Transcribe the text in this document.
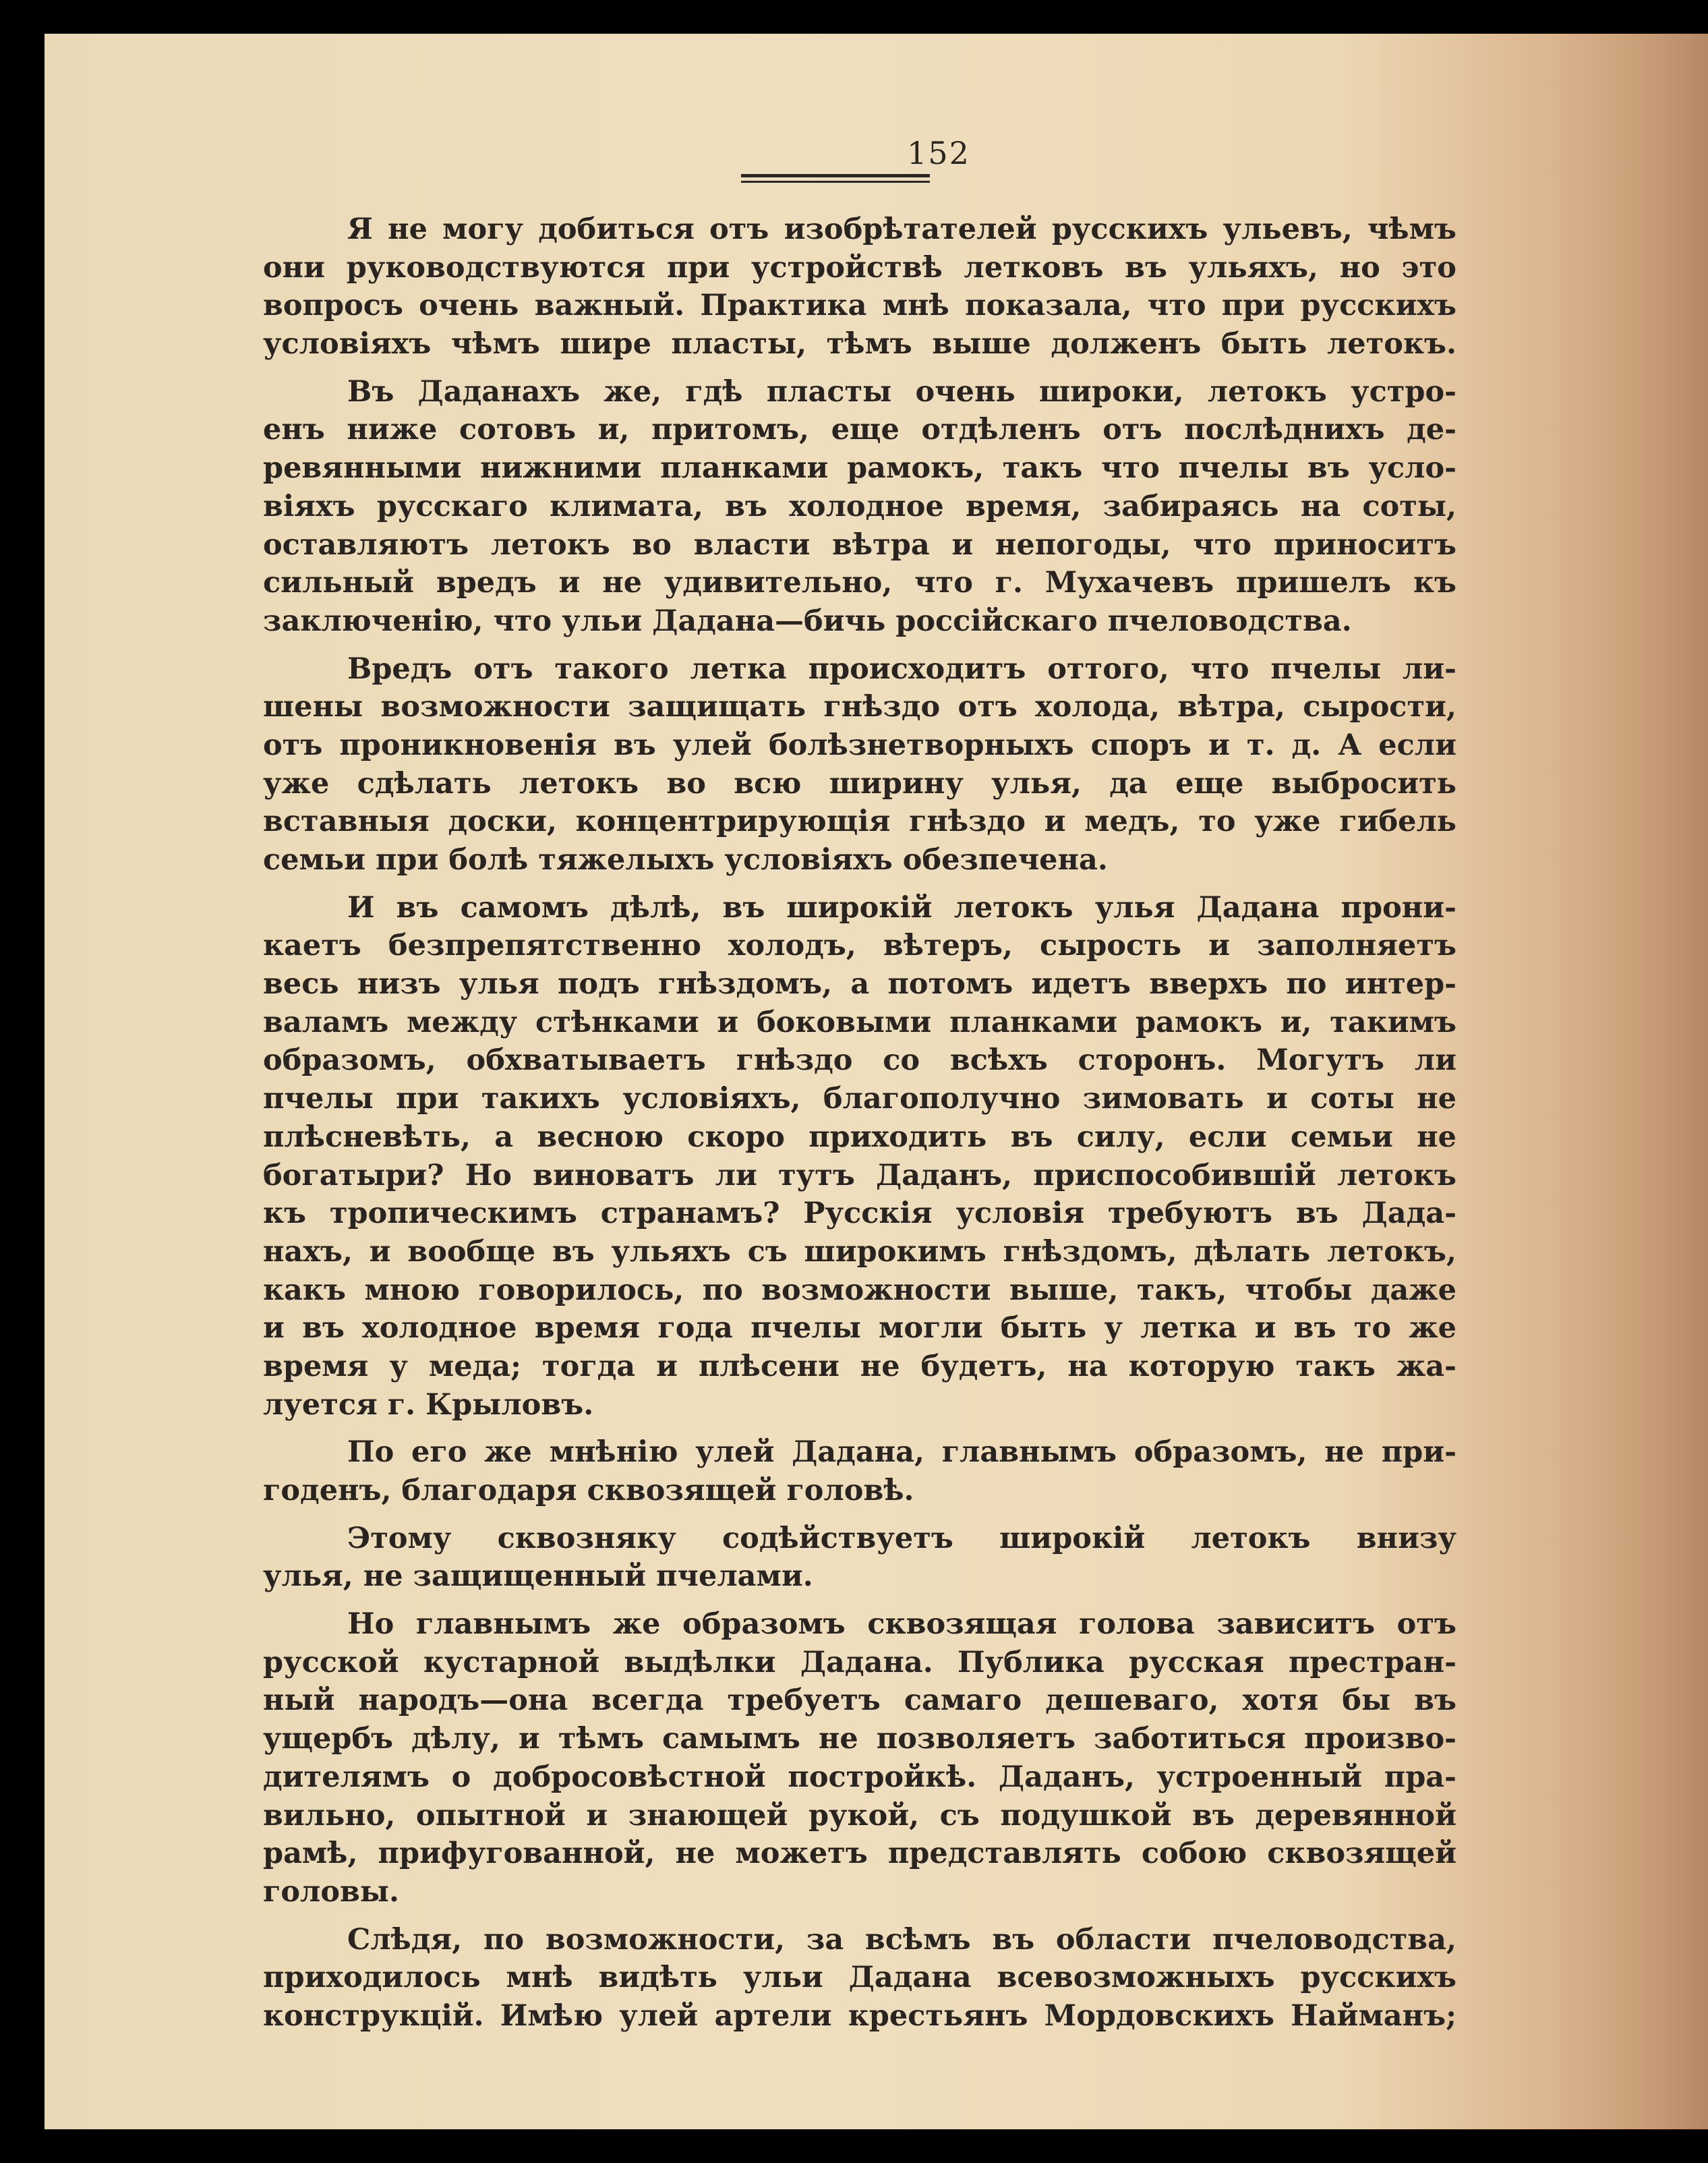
152
Я не могу добиться отъ изобрѣтателей русскихъ ульевъ, чѣмъ
они руководствуются при устройствѣ летковъ въ ульяхъ, но это
вопросъ очень важный. Практика мнѣ показала, что при русскихъ
условіяхъ чѣмъ шире пласты, тѣмъ выше долженъ быть летокъ.
Въ Даданахъ же, гдѣ пласты очень широки, летокъ устро-
енъ ниже сотовъ и, притомъ, еще отдѣленъ отъ послѣднихъ де-
ревянными нижними планками рамокъ, такъ что пчелы въ усло-
віяхъ русскаго климата, въ холодное время, забираясь на соты,
оставляютъ летокъ во власти вѣтра и непогоды, что приноситъ
сильный вредъ и не удивительно, что г. Мухачевъ пришелъ къ
заключенію, что ульи Дадана—бичь россійскаго пчеловодства.
Вредъ отъ такого летка происходитъ оттого, что пчелы ли-
шены возможности защищать гнѣздо отъ холода, вѣтра, сырости,
отъ проникновенія въ улей болѣзнетворныхъ споръ и т. д. А если
уже сдѣлать летокъ во всю ширину улья, да еще выбросить
вставныя доски, концентрирующія гнѣздо и медъ, то уже гибель
семьи при болѣ тяжелыхъ условіяхъ обезпечена.
И въ самомъ дѣлѣ, въ широкій летокъ улья Дадана прони-
каетъ безпрепятственно холодъ, вѣтеръ, сырость и заполняетъ
весь низъ улья подъ гнѣздомъ, а потомъ идетъ вверхъ по интер-
валамъ между стѣнками и боковыми планками рамокъ и, такимъ
образомъ, обхватываетъ гнѣздо со всѣхъ сторонъ. Могутъ ли
пчелы при такихъ условіяхъ, благополучно зимовать и соты не
плѣсневѣть, а весною скоро приходить въ силу, если семьи не
богатыри? Но виноватъ ли тутъ Даданъ, приспособившій летокъ
къ тропическимъ странамъ? Русскія условія требуютъ въ Дада-
нахъ, и вообще въ ульяхъ съ широкимъ гнѣздомъ, дѣлать летокъ,
какъ мною говорилось, по возможности выше, такъ, чтобы даже
и въ холодное время года пчелы могли быть у летка и въ то же
время у меда; тогда и плѣсени не будетъ, на которую такъ жа-
луется г. Крыловъ.
По его же мнѣнію улей Дадана, главнымъ образомъ, не при-
годенъ, благодаря сквозящей головѣ.
Этому сквозняку содѣйствуетъ широкій летокъ внизу
улья, не защищенный пчелами.
Но главнымъ же образомъ сквозящая голова зависитъ отъ
русской кустарной выдѣлки Дадана. Публика русская престран-
ный народъ—она всегда требуетъ самаго дешеваго, хотя бы въ
ущербъ дѣлу, и тѣмъ самымъ не позволяетъ заботиться произво-
дителямъ о добросовѣстной постройкѣ. Даданъ, устроенный пра-
вильно, опытной и знающей рукой, съ подушкой въ деревянной
рамѣ, прифугованной, не можетъ представлять собою сквозящей
головы.
Слѣдя, по возможности, за всѣмъ въ области пчеловодства,
приходилось мнѣ видѣть ульи Дадана всевозможныхъ русскихъ
конструкцій. Имѣю улей артели крестьянъ Мордовскихъ Найманъ;
